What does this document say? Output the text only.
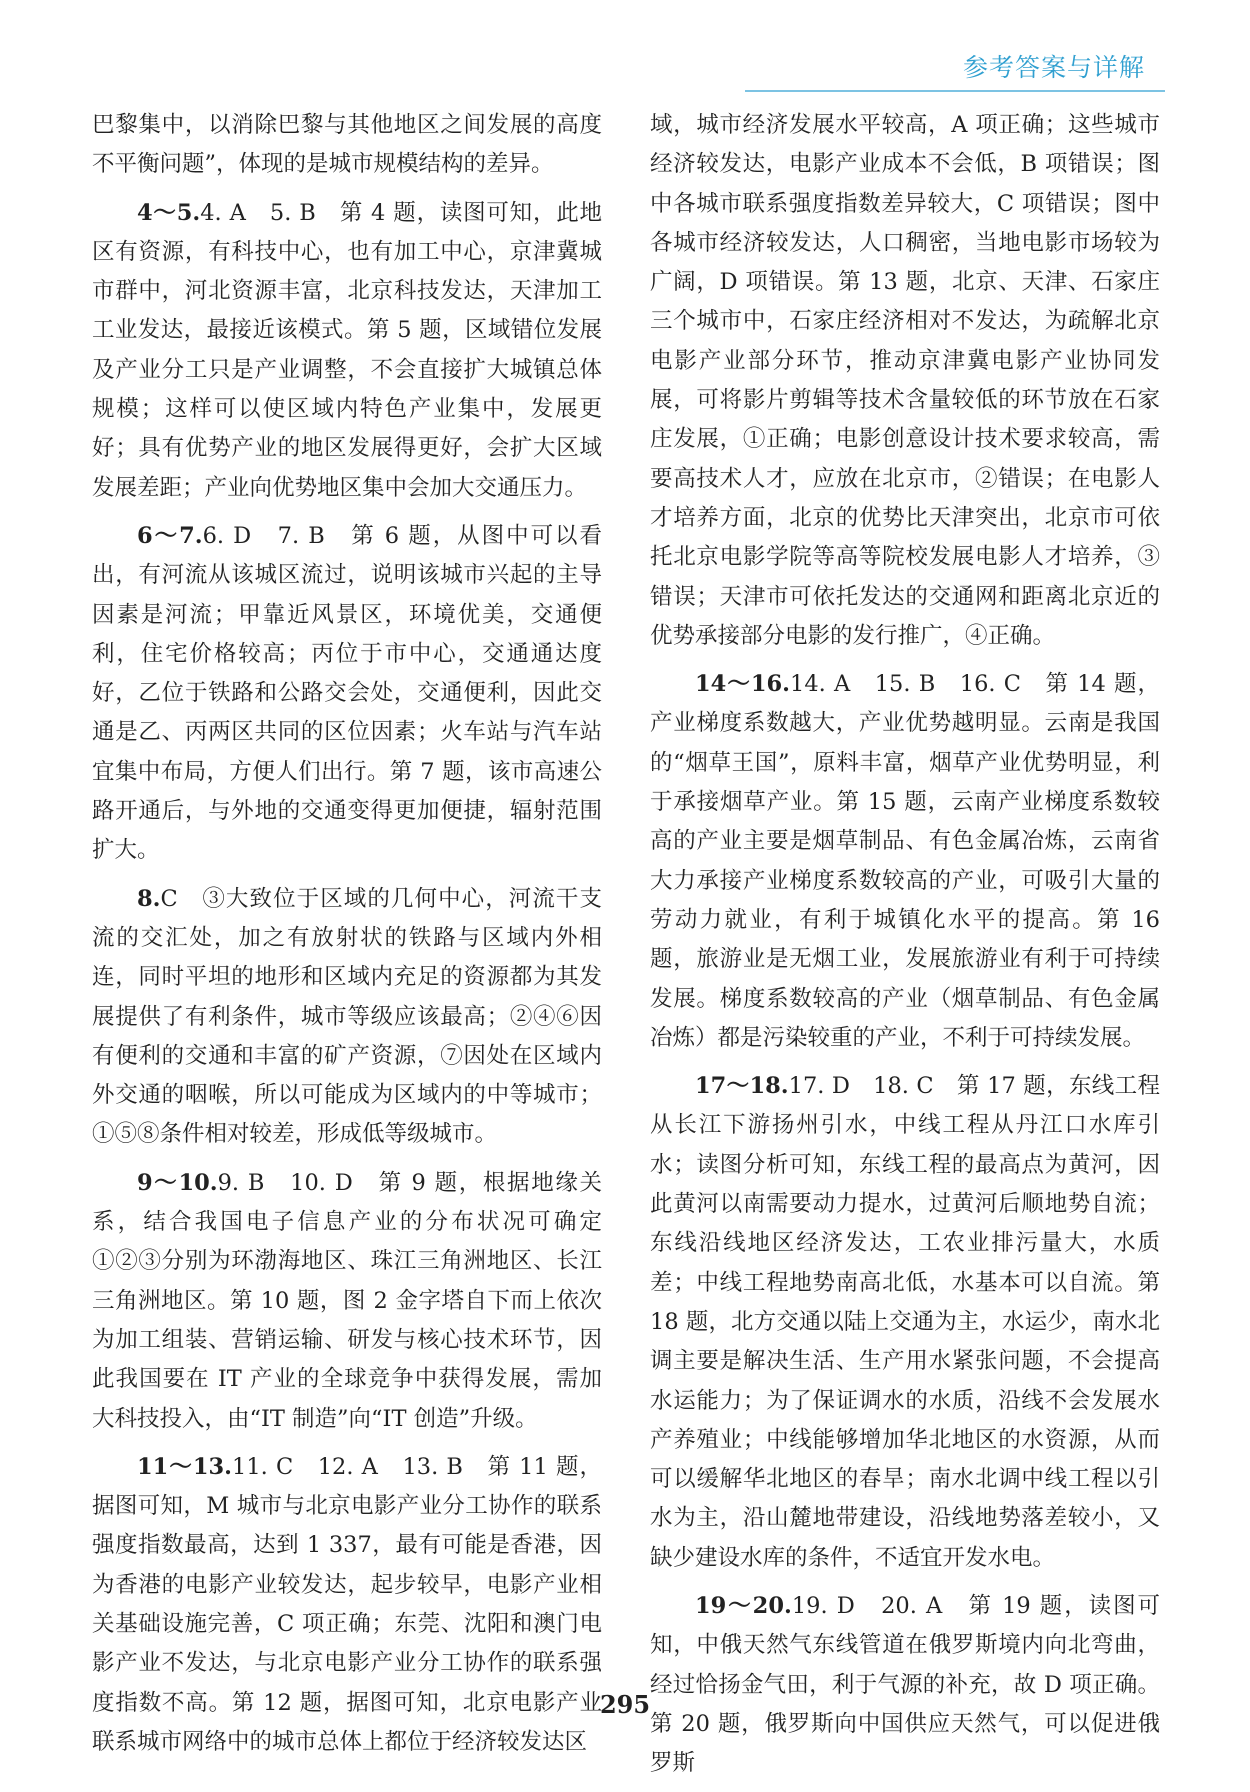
参考答案与详解

巴黎集中，以消除巴黎与其他地区之间发展的高度不平衡问题”，体现的是城市规模结构的差异。

4～5.4. A　5. B　第 4 题，读图可知，此地区有资源，有科技中心，也有加工中心，京津冀城市群中，河北资源丰富，北京科技发达，天津加工工业发达，最接近该模式。第 5 题，区域错位发展及产业分工只是产业调整，不会直接扩大城镇总体规模；这样可以使区域内特色产业集中，发展更好；具有优势产业的地区发展得更好，会扩大区域发展差距；产业向优势地区集中会加大交通压力。

6～7.6. D　7. B　第 6 题，从图中可以看出，有河流从该城区流过，说明该城市兴起的主导因素是河流；甲靠近风景区，环境优美，交通便利，住宅价格较高；丙位于市中心，交通通达度好，乙位于铁路和公路交会处，交通便利，因此交通是乙、丙两区共同的区位因素；火车站与汽车站宜集中布局，方便人们出行。第 7 题，该市高速公路开通后，与外地的交通变得更加便捷，辐射范围扩大。

8.C　③大致位于区域的几何中心，河流干支流的交汇处，加之有放射状的铁路与区域内外相连，同时平坦的地形和区域内充足的资源都为其发展提供了有利条件，城市等级应该最高；②④⑥因有便利的交通和丰富的矿产资源，⑦因处在区域内外交通的咽喉，所以可能成为区域内的中等城市；①⑤⑧条件相对较差，形成低等级城市。

9～10.9. B　10. D　第 9 题，根据地缘关系，结合我国电子信息产业的分布状况可确定①②③分别为环渤海地区、珠江三角洲地区、长江三角洲地区。第 10 题，图 2 金字塔自下而上依次为加工组装、营销运输、研发与核心技术环节，因此我国要在 IT 产业的全球竞争中获得发展，需加大科技投入，由“IT 制造”向“IT 创造”升级。

11～13.11. C　12. A　13. B　第 11 题，据图可知，M 城市与北京电影产业分工协作的联系强度指数最高，达到 1 337，最有可能是香港，因为香港的电影产业较发达，起步较早，电影产业相关基础设施完善，C 项正确；东莞、沈阳和澳门电影产业不发达，与北京电影产业分工协作的联系强度指数不高。第 12 题，据图可知，北京电影产业联系城市网络中的城市总体上都位于经济较发达区

域，城市经济发展水平较高，A 项正确；这些城市经济较发达，电影产业成本不会低，B 项错误；图中各城市联系强度指数差异较大，C 项错误；图中各城市经济较发达，人口稠密，当地电影市场较为广阔，D 项错误。第 13 题，北京、天津、石家庄三个城市中，石家庄经济相对不发达，为疏解北京电影产业部分环节，推动京津冀电影产业协同发展，可将影片剪辑等技术含量较低的环节放在石家庄发展，①正确；电影创意设计技术要求较高，需要高技术人才，应放在北京市，②错误；在电影人才培养方面，北京的优势比天津突出，北京市可依托北京电影学院等高等院校发展电影人才培养，③错误；天津市可依托发达的交通网和距离北京近的优势承接部分电影的发行推广，④正确。

14～16.14. A　15. B　16. C　第 14 题，产业梯度系数越大，产业优势越明显。云南是我国的“烟草王国”，原料丰富，烟草产业优势明显，利于承接烟草产业。第 15 题，云南产业梯度系数较高的产业主要是烟草制品、有色金属冶炼，云南省大力承接产业梯度系数较高的产业，可吸引大量的劳动力就业，有利于城镇化水平的提高。第 16 题，旅游业是无烟工业，发展旅游业有利于可持续发展。梯度系数较高的产业（烟草制品、有色金属冶炼）都是污染较重的产业，不利于可持续发展。

17～18.17. D　18. C　第 17 题，东线工程从长江下游扬州引水，中线工程从丹江口水库引水；读图分析可知，东线工程的最高点为黄河，因此黄河以南需要动力提水，过黄河后顺地势自流；东线沿线地区经济发达，工农业排污量大，水质差；中线工程地势南高北低，水基本可以自流。第 18 题，北方交通以陆上交通为主，水运少，南水北调主要是解决生活、生产用水紧张问题，不会提高水运能力；为了保证调水的水质，沿线不会发展水产养殖业；中线能够增加华北地区的水资源，从而可以缓解华北地区的春旱；南水北调中线工程以引水为主，沿山麓地带建设，沿线地势落差较小，又缺少建设水库的条件，不适宜开发水电。

19～20.19. D　20. A　第 19 题，读图可知，中俄天然气东线管道在俄罗斯境内向北弯曲，经过恰扬金气田，利于气源的补充，故 D 项正确。第 20 题，俄罗斯向中国供应天然气，可以促进俄罗斯

295
